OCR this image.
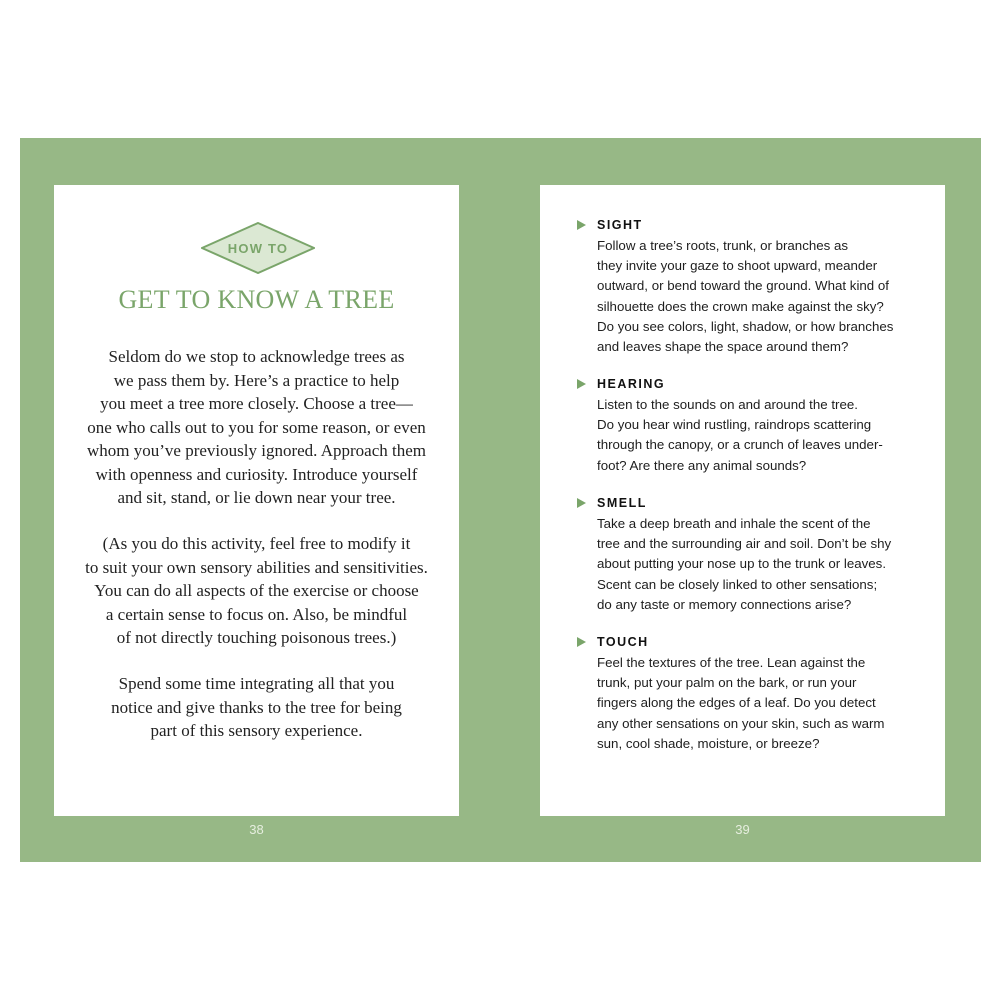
HOW TO
GET TO KNOW A TREE

Seldom do we stop to acknowledge trees as
we pass them by. Here’s a practice to help
you meet a tree more closely. Choose a tree—
one who calls out to you for some reason, or even
whom you’ve previously ignored. Approach them
with openness and curiosity. Introduce yourself
and sit, stand, or lie down near your tree.

(As you do this activity, feel free to modify it
to suit your own sensory abilities and sensitivities.
You can do all aspects of the exercise or choose
a certain sense to focus on. Also, be mindful
of not directly touching poisonous trees.)

Spend some time integrating all that you
notice and give thanks to the tree for being
part of this sensory experience.

38
SIGHT

Follow a tree’s roots, trunk, or branches as
they invite your gaze to shoot upward, meander
outward, or bend toward the ground. What kind of
silhouette does the crown make against the sky?
Do you see colors, light, shadow, or how branches
and leaves shape the space around them?

HEARING

Listen to the sounds on and around the tree.
Do you hear wind rustling, raindrops scattering
through the canopy, or a crunch of leaves under-
foot? Are there any animal sounds?

SMELL

Take a deep breath and inhale the scent of the
tree and the surrounding air and soil. Don’t be shy
about putting your nose up to the trunk or leaves.
Scent can be closely linked to other sensations;
do any taste or memory connections arise?

TOUCH

Feel the textures of the tree. Lean against the
trunk, put your palm on the bark, or run your
fingers along the edges of a leaf. Do you detect
any other sensations on your skin, such as warm
sun, cool shade, moisture, or breeze?

39
